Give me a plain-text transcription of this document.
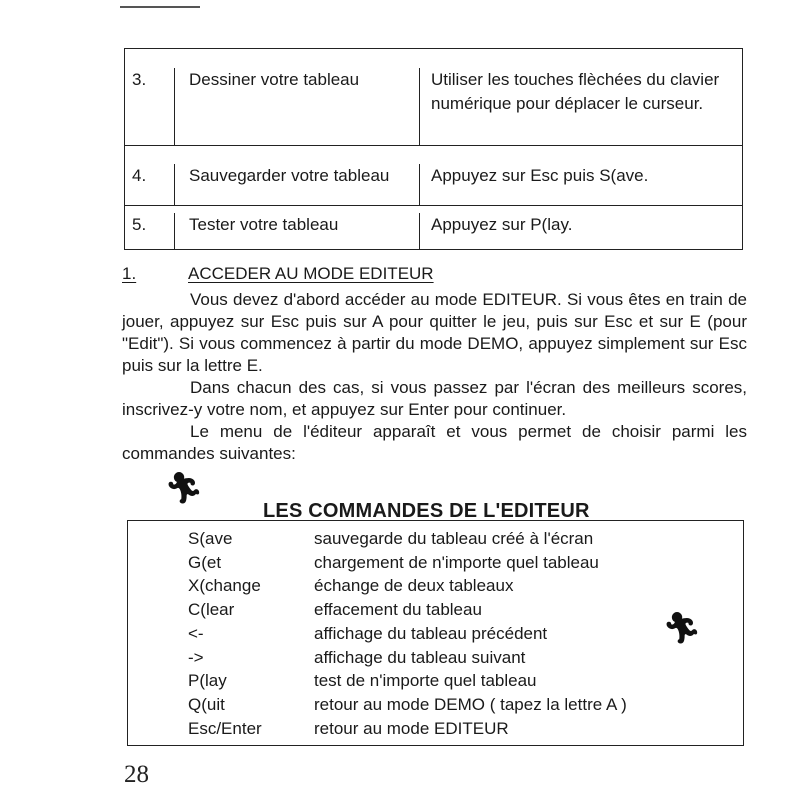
3.	Dessiner votre tableau	Utiliser les touches flèchées du clavier numérique pour déplacer le curseur.
4.	Sauvegarder votre tableau	Appuyez sur Esc puis S(ave.
5.	Tester votre tableau	Appuyez sur P(lay.
1.	ACCEDER AU MODE EDITEUR

Vous devez d'abord accéder au mode EDITEUR. Si vous êtes en train de jouer, appuyez sur Esc puis sur A pour quitter le jeu, puis sur Esc et sur E (pour "Edit"). Si vous commencez à partir du mode DEMO, appuyez simplement sur Esc puis sur la lettre E.

Dans chacun des cas, si vous passez par l'écran des meilleurs scores, inscrivez-y votre nom, et appuyez sur Enter pour continuer.

Le menu de l'éditeur apparaît et vous permet de choisir parmi les commandes suivantes:

🏃︎
LES COMMANDES DE L'EDITEUR
S(ave	sauvegarde du tableau créé à l'écran
G(et	chargement de n'importe quel tableau
X(change	échange de deux tableaux
C(lear	effacement du tableau
<-	affichage du tableau précédent
->	affichage du tableau suivant
P(lay	test de n'importe quel tableau
Q(uit	retour au mode DEMO ( tapez la lettre A )
Esc/Enter	retour au mode EDITEUR
🏃︎
28
